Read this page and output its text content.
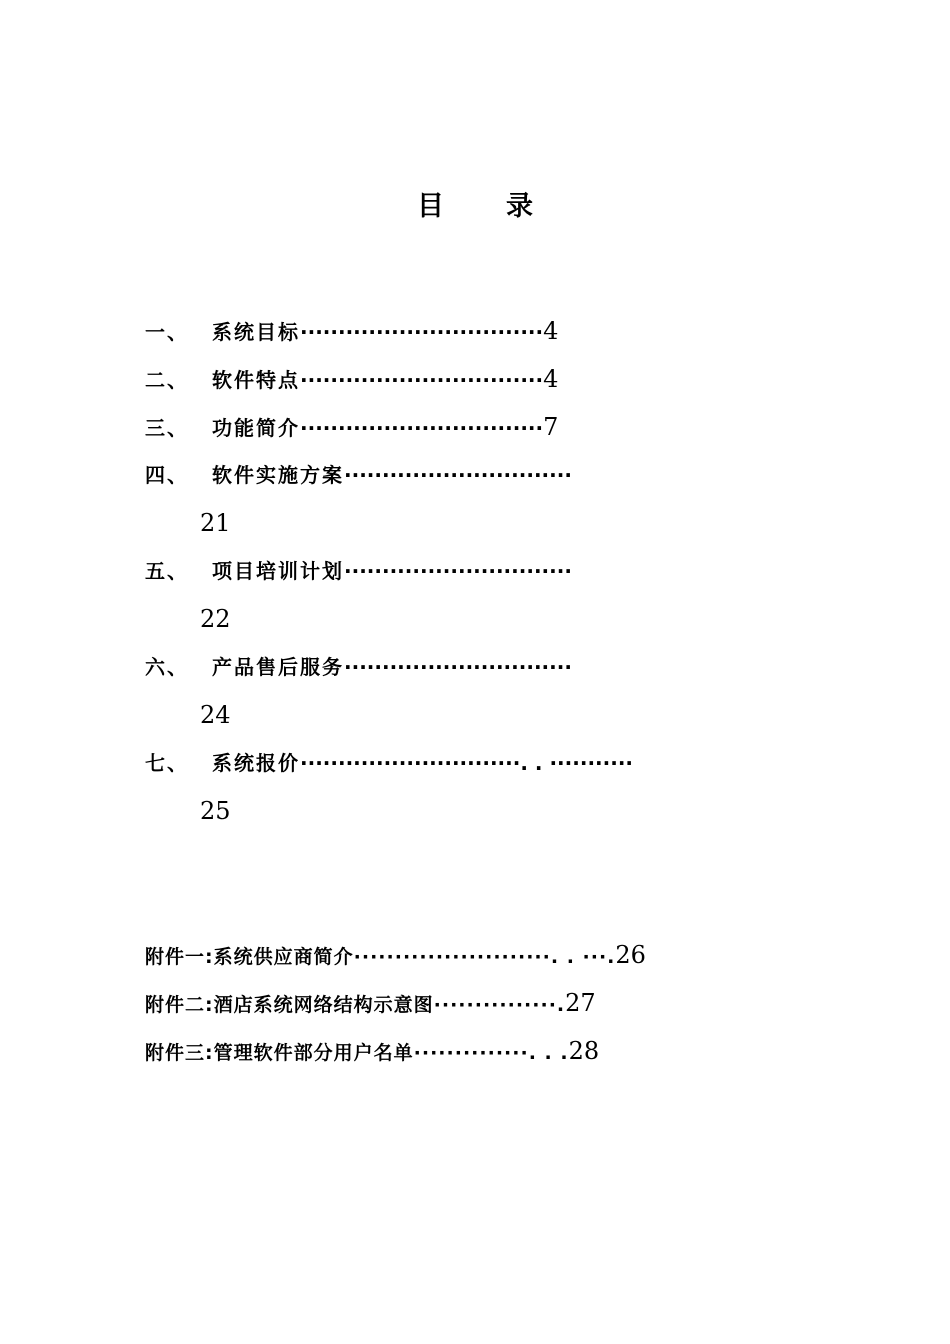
目录
一、 系统目标································4
二、 软件特点································4
三、 功能简介································7
四、 软件实施方案······························
21
五、 项目培训计划······························
22
六、 产品售后服务······························
24
七、 系统报价·····························. . ···········
25
附件一:系统供应商简介························. . ···.26
附件二:酒店系统网络结构示意图···············.27
附件三:管理软件部分用户名单··············. . .28
